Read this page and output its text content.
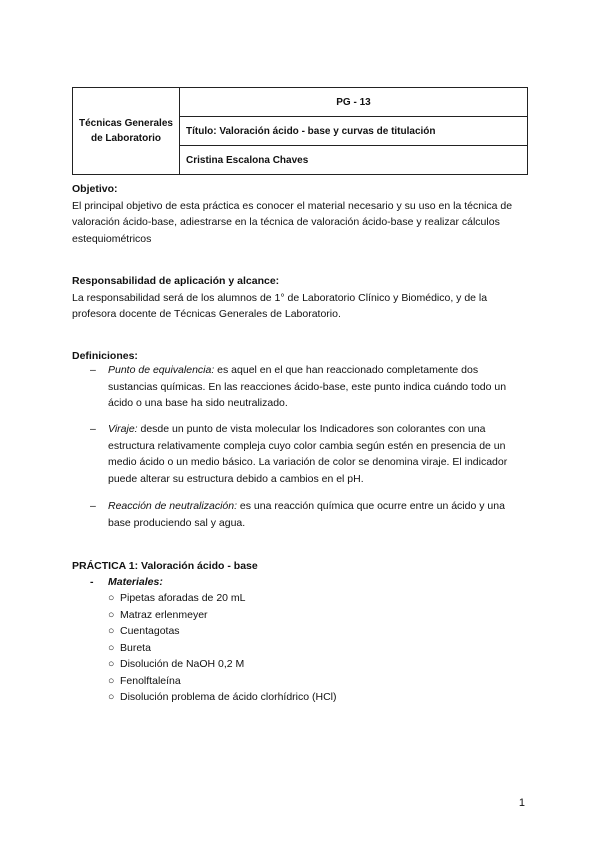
Técnicas Generales de Laboratorio	PG - 13
Título: Valoración ácido - base y curvas de titulación
Cristina Escalona Chaves
Objetivo:
El principal objetivo de esta práctica es conocer el material necesario y su uso en la técnica de valoración ácido-base, adiestrarse en la técnica de valoración ácido-base y realizar cálculos estequiométricos
Responsabilidad de aplicación y alcance:
La responsabilidad será de los alumnos de 1° de Laboratorio Clínico y Biomédico, y de la profesora docente de Técnicas Generales de Laboratorio.
Definiciones:
– Punto de equivalencia: es aquel en el que han reaccionado completamente dos sustancias químicas. En las reacciones ácido-base, este punto indica cuándo todo un ácido o una base ha sido neutralizado.
– Viraje: desde un punto de vista molecular los Indicadores son colorantes con una estructura relativamente compleja cuyo color cambia según estén en presencia de un medio ácido o un medio básico. La variación de color se denomina viraje. El indicador puede alterar su estructura debido a cambios en el pH.
– Reacción de neutralización: es una reacción química que ocurre entre un ácido y una base produciendo sal y agua.
PRÁCTICA 1: Valoración ácido - base
- Materiales:
○ Pipetas aforadas de 20 mL
○ Matraz erlenmeyer
○ Cuentagotas
○ Bureta
○ Disolución de NaOH 0,2 M
○ Fenolftaleína
○ Disolución problema de ácido clorhídrico (HCl)
1
